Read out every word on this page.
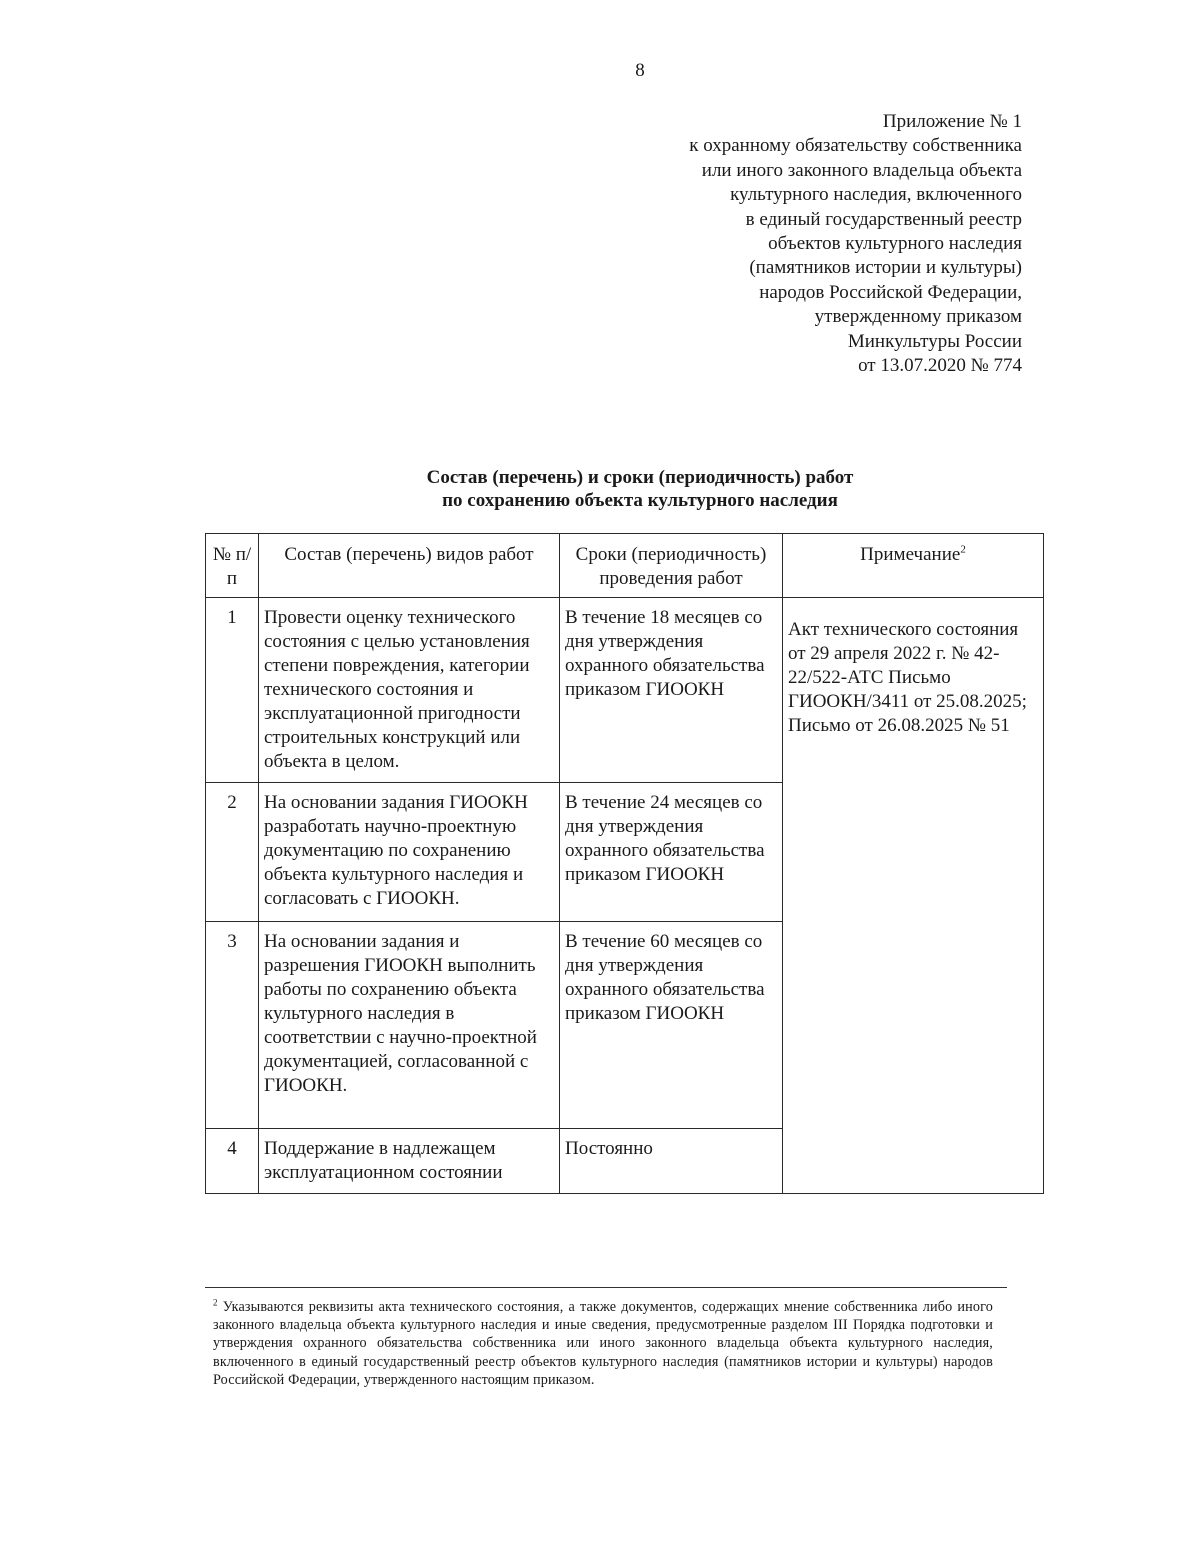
8
Приложение № 1
к охранному обязательству собственника
или иного законного владельца объекта
культурного наследия, включенного
в единый государственный реестр
объектов культурного наследия
(памятников истории и культуры)
народов Российской Федерации,
утвержденному приказом
Минкультуры России
от 13.07.2020 № 774
Состав (перечень) и сроки (периодичность) работ
по сохранению объекта культурного наследия
№ п/п	Состав (перечень) видов работ	Сроки (периодичность) проведения работ	Примечание$^2$
1	Провести оценку технического состояния с целью установления степени повреждения, категории технического состояния и эксплуатационной пригодности строительных конструкций или объекта в целом.	В течение 18 месяцев со дня утверждения охранного обязательства приказом ГИООКН	Акт технического состояния от 29 апреля 2022 г. № 42-22/522-АТС Письмо ГИООКН/3411 от 25.08.2025; Письмо от 26.08.2025 № 51
2	На основании задания ГИООКН разработать научно-проектную документацию по сохранению объекта культурного наследия и согласовать с ГИООКН.	В течение 24 месяцев со дня утверждения охранного обязательства приказом ГИООКН	
3	На основании задания и разрешения ГИООКН выполнить работы по сохранению объекта культурного наследия в соответствии с научно-проектной документацией, согласованной с ГИООКН.	В течение 60 месяцев со дня утверждения охранного обязательства приказом ГИООКН	
4	Поддержание в надлежащем эксплуатационном состоянии	Постоянно	
$^2$ Указываются реквизиты акта технического состояния, а также документов, содержащих мнение собственника либо иного законного владельца объекта культурного наследия и иные сведения, предусмотренные разделом III Порядка подготовки и утверждения охранного обязательства собственника или иного законного владельца объекта культурного наследия, включенного в единый государственный реестр объектов культурного наследия (памятников истории и культуры) народов Российской Федерации, утвержденного настоящим приказом.
